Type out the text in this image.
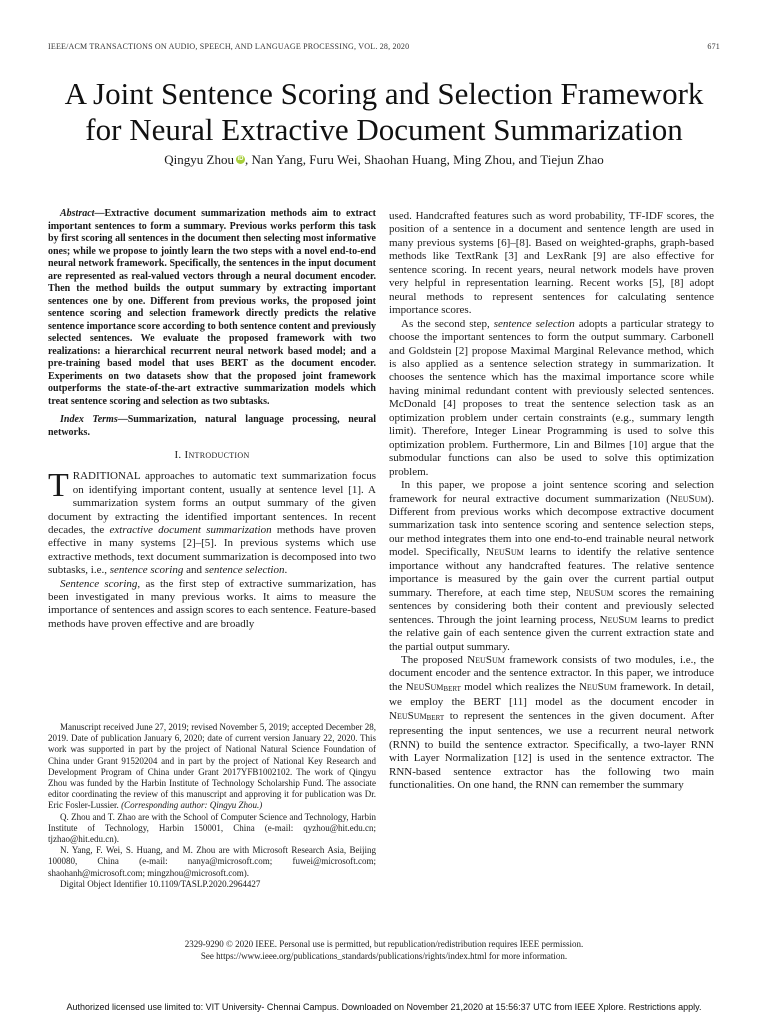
IEEE/ACM TRANSACTIONS ON AUDIO, SPEECH, AND LANGUAGE PROCESSING, VOL. 28, 2020	671
A Joint Sentence Scoring and Selection Framework
for Neural Extractive Document Summarization
Qingyu Zhou iD , Nan Yang, Furu Wei, Shaohan Huang, Ming Zhou, and Tiejun Zhao

Abstract—Extractive document summarization methods aim to extract important sentences to form a summary. Previous works perform this task by first scoring all sentences in the document then selecting most informative ones; while we propose to jointly learn the two steps with a novel end-to-end neural network framework. Specifically, the sentences in the input document are represented as real-valued vectors through a neural document encoder. Then the method builds the output summary by extracting important sentences one by one. Different from previous works, the proposed joint sentence scoring and selection framework directly predicts the relative sentence importance score according to both sentence content and previously selected sentences. We evaluate the proposed framework with two realizations: a hierarchical recurrent neural network based model; and a pre-training based model that uses BERT as the document encoder. Experiments on two datasets show that the proposed joint framework outperforms the state-of-the-art extractive summarization models which treat sentence scoring and selection as two subtasks.

Index Terms—Summarization, natural language processing, neural networks.

I. Introduction

TRADITIONAL approaches to automatic text summarization focus on identifying important content, usually at sentence level [1]. A summarization system forms an output summary of the given document by extracting the identified important sentences. In recent decades, the extractive document summarization methods have proven effective in many systems [2]–[5]. In previous systems which use extractive methods, text document summarization is decomposed into two subtasks, i.e., sentence scoring and sentence selection.

Sentence scoring, as the first step of extractive summarization, has been investigated in many previous works. It aims to measure the importance of sentences and assign scores to each sentence. Feature-based methods have proven effective and are broadly

Manuscript received June 27, 2019; revised November 5, 2019; accepted December 28, 2019. Date of publication January 6, 2020; date of current version January 22, 2020. This work was supported in part by the project of National Natural Science Foundation of China under Grant 91520204 and in part by the project of National Key Research and Development Program of China under Grant 2017YFB1002102. The work of Qingyu Zhou was funded by the Harbin Institute of Technology Scholarship Fund. The associate editor coordinating the review of this manuscript and approving it for publication was Dr. Eric Fosler-Lussier. (Corresponding author: Qingyu Zhou.)

Q. Zhou and T. Zhao are with the School of Computer Science and Technology, Harbin Institute of Technology, Harbin 150001, China (e-mail: qyzhou@hit.edu.cn; tjzhao@hit.edu.cn).

N. Yang, F. Wei, S. Huang, and M. Zhou are with Microsoft Research Asia, Beijing 100080, China (e-mail: nanya@microsoft.com; fuwei@microsoft.com; shaohanh@microsoft.com; mingzhou@microsoft.com).

Digital Object Identifier 10.1109/TASLP.2020.2964427

used. Handcrafted features such as word probability, TF-IDF scores, the position of a sentence in a document and sentence length are used in many previous systems [6]–[8]. Based on weighted-graphs, graph-based methods like TextRank [3] and LexRank [9] are also effective for sentence scoring. In recent years, neural network models have proven very helpful in representation learning. Recent works [5], [8] adopt neural methods to represent sentences for calculating sentence importance scores.

As the second step, sentence selection adopts a particular strategy to choose the important sentences to form the output summary. Carbonell and Goldstein [2] propose Maximal Marginal Relevance method, which is also applied as a sentence selection strategy in summarization. It chooses the sentence which has the maximal importance score while having minimal redundant content with previously selected sentences. McDonald [4] proposes to treat the sentence selection task as an optimization problem under certain constraints (e.g., summary length limit). Therefore, Integer Linear Programming is used to solve this optimization problem. Furthermore, Lin and Bilmes [10] argue that the submodular functions can also be used to solve this optimization problem.

In this paper, we propose a joint sentence scoring and selection framework for neural extractive document summarization (NeuSum). Different from previous works which decompose extractive document summarization task into sentence scoring and sentence selection steps, our method integrates them into one end-to-end trainable neural network model. Specifically, NeuSum learns to identify the relative sentence importance without any handcrafted features. The relative sentence importance is measured by the gain over the current partial output summary. Therefore, at each time step, NeuSum scores the remaining sentences by considering both their content and previously selected sentences. Through the joint learning process, NeuSum learns to predict the relative gain of each sentence given the current extraction state and the partial output summary.

The proposed NeuSum framework consists of two modules, i.e., the document encoder and the sentence extractor. In this paper, we introduce the NeuSum$_{BERT}$ model which realizes the NeuSum framework. In detail, we employ the BERT [11] model as the document encoder in NeuSum$_{BERT}$ to represent the sentences in the given document. After representing the input sentences, we use a recurrent neural network (RNN) to build the sentence extractor. Specifically, a two-layer RNN with Layer Normalization [12] is used in the sentence extractor. The RNN-based sentence extractor has the following two main functionalities. On one hand, the RNN can remember the summary

2329-9290 © 2020 IEEE. Personal use is permitted, but republication/redistribution requires IEEE permission.
See https://www.ieee.org/publications_standards/publications/rights/index.html for more information.
Authorized licensed use limited to: VIT University- Chennai Campus. Downloaded on November 21,2020 at 15:56:37 UTC from IEEE Xplore. Restrictions apply.
